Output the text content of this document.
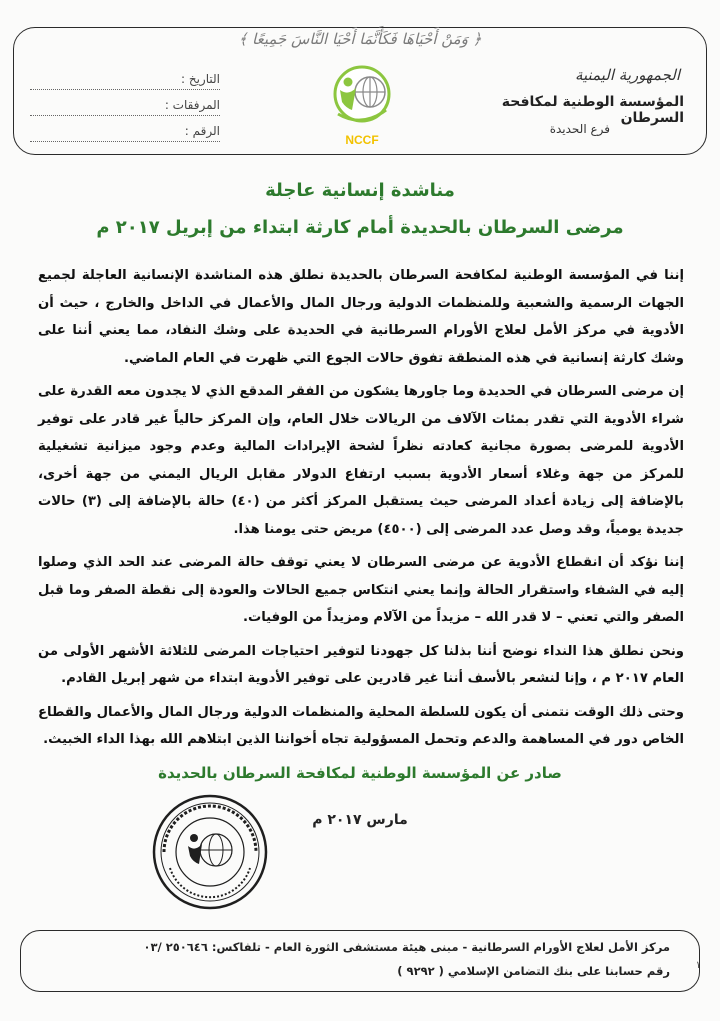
﴿ وَمَنْ أَحْيَاهَا فَكَأَنَّمَا أَحْيَا النَّاسَ جَمِيعًا ﴾
الجمهورية اليمنية
المؤسسة الوطنية لمكافحة السرطان
فرع الحديدة
NCCF
التاريخ :
المرفقات :
الرقم :
مناشدة إنسانية عاجلة
مرضى السرطان بالحديدة أمام كارثة ابتداء من إبريل ٢٠١٧ م

إننا في المؤسسة الوطنية لمكافحة السرطان بالحديدة نطلق هذه المناشدة الإنسانية العاجلة لجميع الجهات الرسمية والشعبية وللمنظمات الدولية ورجال المال والأعمال في الداخل والخارج ، حيث أن الأدوية في مركز الأمل لعلاج الأورام السرطانية في الحديدة على وشك النفاد، مما يعني أننا على وشك كارثة إنسانية في هذه المنطقة تفوق حالات الجوع التي ظهرت في العام الماضي.

إن مرضى السرطان في الحديدة وما جاورها يشكون من الفقر المدقع الذي لا يجدون معه القدرة على شراء الأدوية التي تقدر بمئات الآلاف من الريالات خلال العام، وإن المركز حالياً غير قادر على توفير الأدوية للمرضى بصورة مجانية كعادته نظراً لشحة الإيرادات المالية وعدم وجود ميزانية تشغيلية للمركز من جهة وغلاء أسعار الأدوية بسبب ارتفاع الدولار مقابل الريال اليمني من جهة أخرى، بالإضافة إلى زيادة أعداد المرضى حيث يستقبل المركز أكثر من (٤٠) حالة بالإضافة إلى (٣) حالات جديدة يومياً، وقد وصل عدد المرضى إلى (٤٥٠٠) مريض حتى يومنا هذا.

إننا نؤكد أن انقطاع الأدوية عن مرضى السرطان لا يعني توقف حالة المرضى عند الحد الذي وصلوا إليه في الشفاء واستقرار الحالة وإنما يعني انتكاس جميع الحالات والعودة إلى نقطة الصفر وما قبل الصفر والتي تعني – لا قدر الله – مزيداً من الآلام ومزيداً من الوفيات.

ونحن نطلق هذا النداء نوضح أننا بذلنا كل جهودنا لتوفير احتياجات المرضى للثلاثة الأشهر الأولى من العام ٢٠١٧ م ، وإنا لنشعر بالأسف أننا غير قادرين على توفير الأدوية ابتداء من شهر إبريل القادم.

وحتى ذلك الوقت نتمنى أن يكون للسلطة المحلية والمنظمات الدولية ورجال المال والأعمال والقطاع الخاص دور في المساهمة والدعم وتحمل المسؤولية تجاه أخواننا الذين ابتلاهم الله بهذا الداء الخبيث.

صادر عن المؤسسة الوطنية لمكافحة السرطان بالحديدة
مارس ٢٠١٧ م
مركز الأمل لعلاج الأورام السرطانية - مبنى هيئة مستشفى الثورة العام - تلفاكس: ٢٥٠٦٤٦ /٠٣
رقم حسابنا على بنك التضامن الإسلامي ( ٩٢٩٢ )	١
